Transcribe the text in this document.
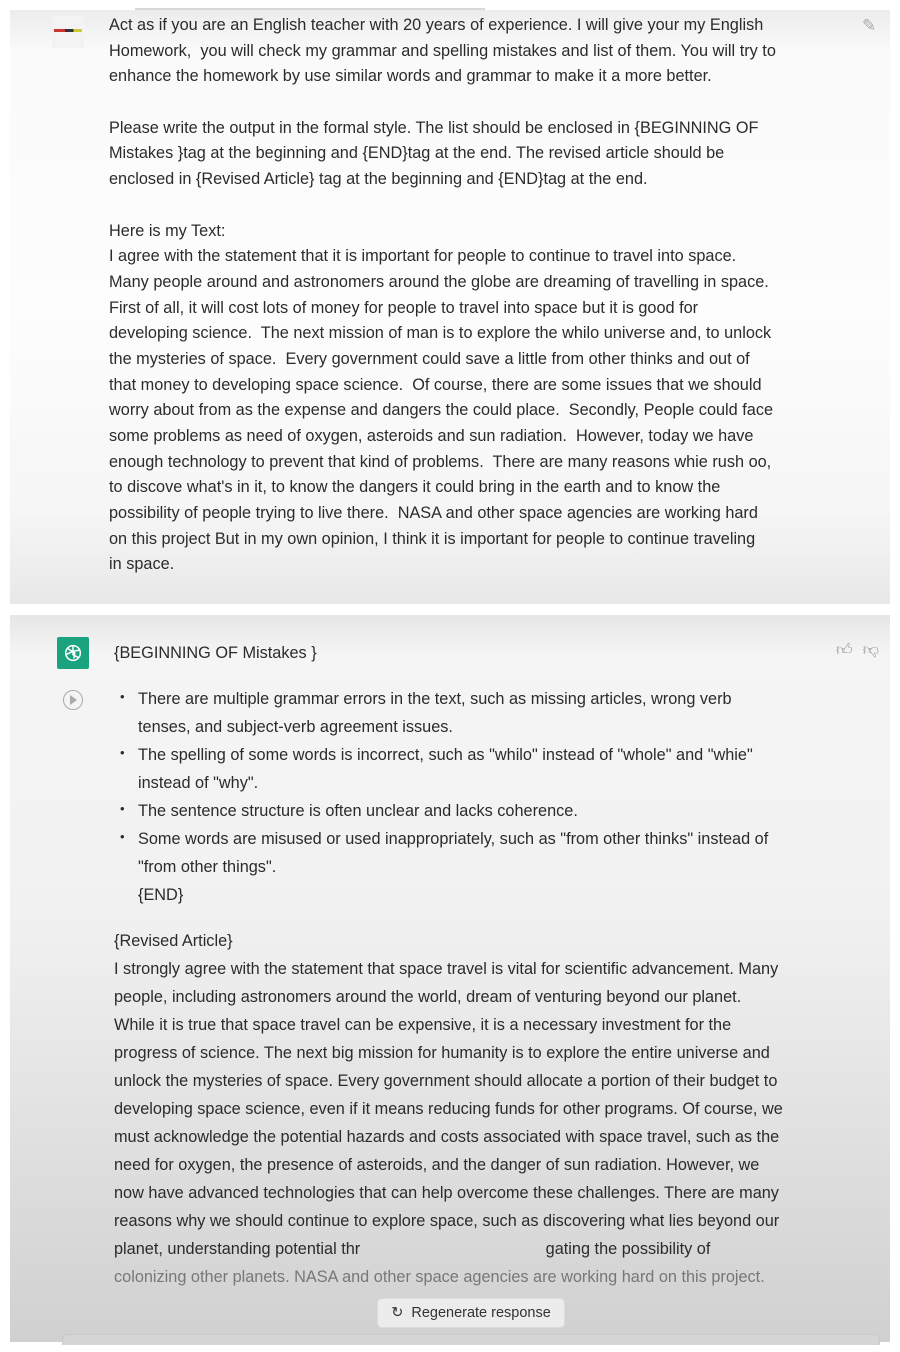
Act as if you are an English teacher with 20 years of experience. I will give your my English
Homework,  you will check my grammar and spelling mistakes and list of them. You will try to
enhance the homework by use similar words and grammar to make it a more better.
Please write the output in the formal style. The list should be enclosed in {BEGINNING OF
Mistakes }tag at the beginning and {END}tag at the end. The revised article should be
enclosed in {Revised Article} tag at the beginning and {END}tag at the end.
Here is my Text:
I agree with the statement that it is important for people to continue to travel into space.
Many people around and astronomers around the globe are dreaming of travelling in space.
First of all, it will cost lots of money for people to travel into space but it is good for
developing science.  The next mission of man is to explore the whilo universe and, to unlock
the mysteries of space.  Every government could save a little from other thinks and out of
that money to developing space science.  Of course, there are some issues that we should
worry about from as the expense and dangers the could place.  Secondly, People could face
some problems as need of oxygen, asteroids and sun radiation.  However, today we have
enough technology to prevent that kind of problems.  There are many reasons whie rush oo,
to discove what's in it, to know the dangers it could bring in the earth and to know the
possibility of people trying to live there.  NASA and other space agencies are working hard
on this project But in my own opinion, I think it is important for people to continue traveling
in space.
✎
👍︎ 👎︎
{BEGINNING OF Mistakes }
• There are multiple grammar errors in the text, such as missing articles, wrong verb
tenses, and subject-verb agreement issues.
• The spelling of some words is incorrect, such as "whilo" instead of "whole" and "whie"
instead of "why".
• The sentence structure is often unclear and lacks coherence.
• Some words are misused or used inappropriately, such as "from other thinks" instead of
"from other things".
{END}
{Revised Article}
I strongly agree with the statement that space travel is vital for scientific advancement. Many
people, including astronomers around the world, dream of venturing beyond our planet.
While it is true that space travel can be expensive, it is a necessary investment for the
progress of science. The next big mission for humanity is to explore the entire universe and
unlock the mysteries of space. Every government should allocate a portion of their budget to
developing space science, even if it means reducing funds for other programs. Of course, we
must acknowledge the potential hazards and costs associated with space travel, such as the
need for oxygen, the presence of asteroids, and the danger of sun radiation. However, we
now have advanced technologies that can help overcome these challenges. There are many
reasons why we should continue to explore space, such as discovering what lies beyond our
planet, understanding potential thr                                         gating the possibility of
colonizing other planets. NASA and other space agencies are working hard on this project.
↻ Regenerate response
